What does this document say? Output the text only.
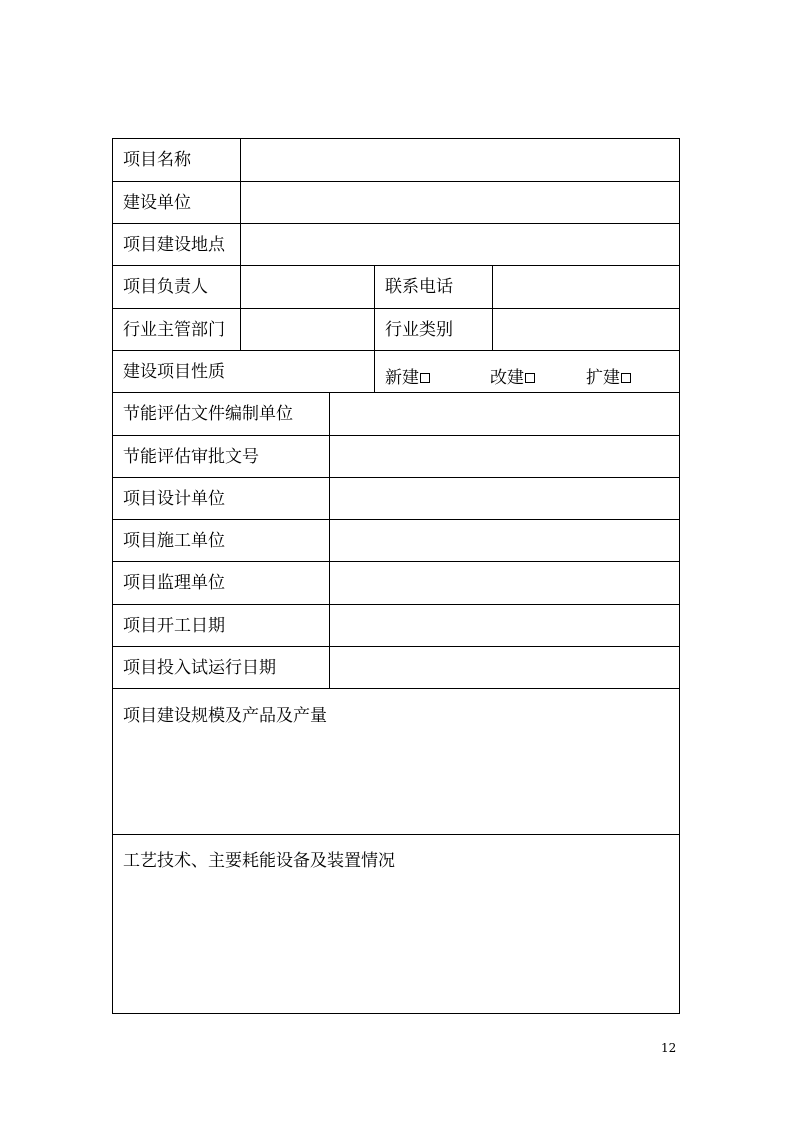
项目名称
建设单位
项目建设地点
项目负责人	联系电话
行业主管部门	行业类别
建设项目性质	新建	改建	扩建
节能评估文件编制单位
节能评估审批文号
项目设计单位
项目施工单位
项目监理单位
项目开工日期
项目投入试运行日期
项目建设规模及产品及产量
工艺技术、主要耗能设备及装置情况
12
